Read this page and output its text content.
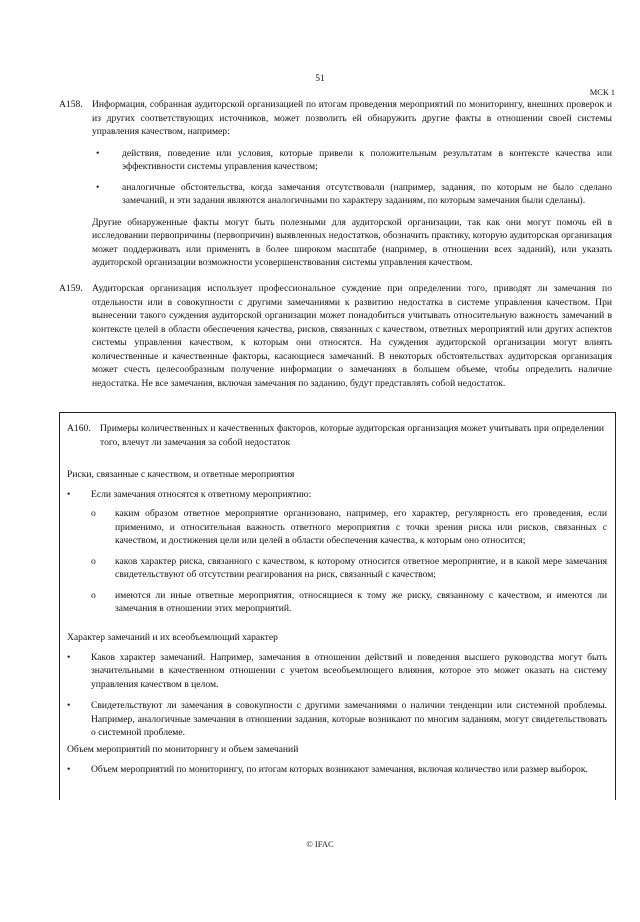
51
МСК 1
A158. Информация, собранная аудиторской организацией по итогам проведения мероприятий по мониторингу, внешних проверок и из других соответствующих источников, может позволить ей обнаружить другие факты в отношении своей системы управления качеством, например:

• действия, поведение или условия, которые привели к положительным результатам в контексте качества или эффективности системы управления качеством;
• аналогичные обстоятельства, когда замечания отсутствовали (например, задания, по которым не было сделано замечаний, и эти задания являются аналогичными по характеру заданиям, по которым замечания были сделаны).

Другие обнаруженные факты могут быть полезными для аудиторской организации, так как они могут помочь ей в исследовании первопричины (первопричин) выявленных недостатков, обозначить практику, которую аудиторская организация может поддерживать или применять в более широком масштабе (например, в отношении всех заданий), или указать аудиторской организации возможности усовершенствования системы управления качеством.

A159. Аудиторская организация использует профессиональное суждение при определении того, приводят ли замечания по отдельности или в совокупности с другими замечаниями к развитию недостатка в системе управления качеством. При вынесении такого суждения аудиторской организации может понадобиться учитывать относительную важность замечаний в контексте целей в области обеспечения качества, рисков, связанных с качеством, ответных мероприятий или других аспектов системы управления качеством, к которым они относятся. На суждения аудиторской организации могут влиять количественные и качественные факторы, касающиеся замечаний. В некоторых обстоятельствах аудиторская организация может счесть целесообразным получение информации о замечаниях в большем объеме, чтобы определить наличие недостатка. Не все замечания, включая замечания по заданию, будут представлять собой недостаток.

A160. Примеры количественных и качественных факторов, которые аудиторская организация может учитывать при определении того, влечут ли замечания за собой недостаток

Риски, связанные с качеством, и ответные мероприятия

• Если замечания относятся к ответному мероприятию:
o каким образом ответное мероприятие организовано, например, его характер, регулярность его проведения, если применимо, и относительная важность ответного мероприятия с точки зрения риска или рисков, связанных с качеством, и достижения цели или целей в области обеспечения качества, к которым оно относится;
o каков характер риска, связанного с качеством, к которому относится ответное мероприятие, и в какой мере замечания свидетельствуют об отсутствии реагирования на риск, связанный с качеством;
o имеются ли иные ответные мероприятия, относящиеся к тому же риску, связанному с качеством, и имеются ли замечания в отношении этих мероприятий.

Характер замечаний и их всеобъемлющий характер

• Каков характер замечаний. Например, замечания в отношении действий и поведения высшего руководства могут быть значительными в качественном отношении с учетом всеобъемлющего влияния, которое это может оказать на систему управления качеством в целом.
• Свидетельствуют ли замечания в совокупности с другими замечаниями о наличии тенденции или системной проблемы. Например, аналогичные замечания в отношении задания, которые возникают по многим заданиям, могут свидетельствовать о системной проблеме.

Объем мероприятий по мониторингу и объем замечаний

• Объем мероприятий по мониторингу, по итогам которых возникают замечания, включая количество или размер выборок.
© IFAC
